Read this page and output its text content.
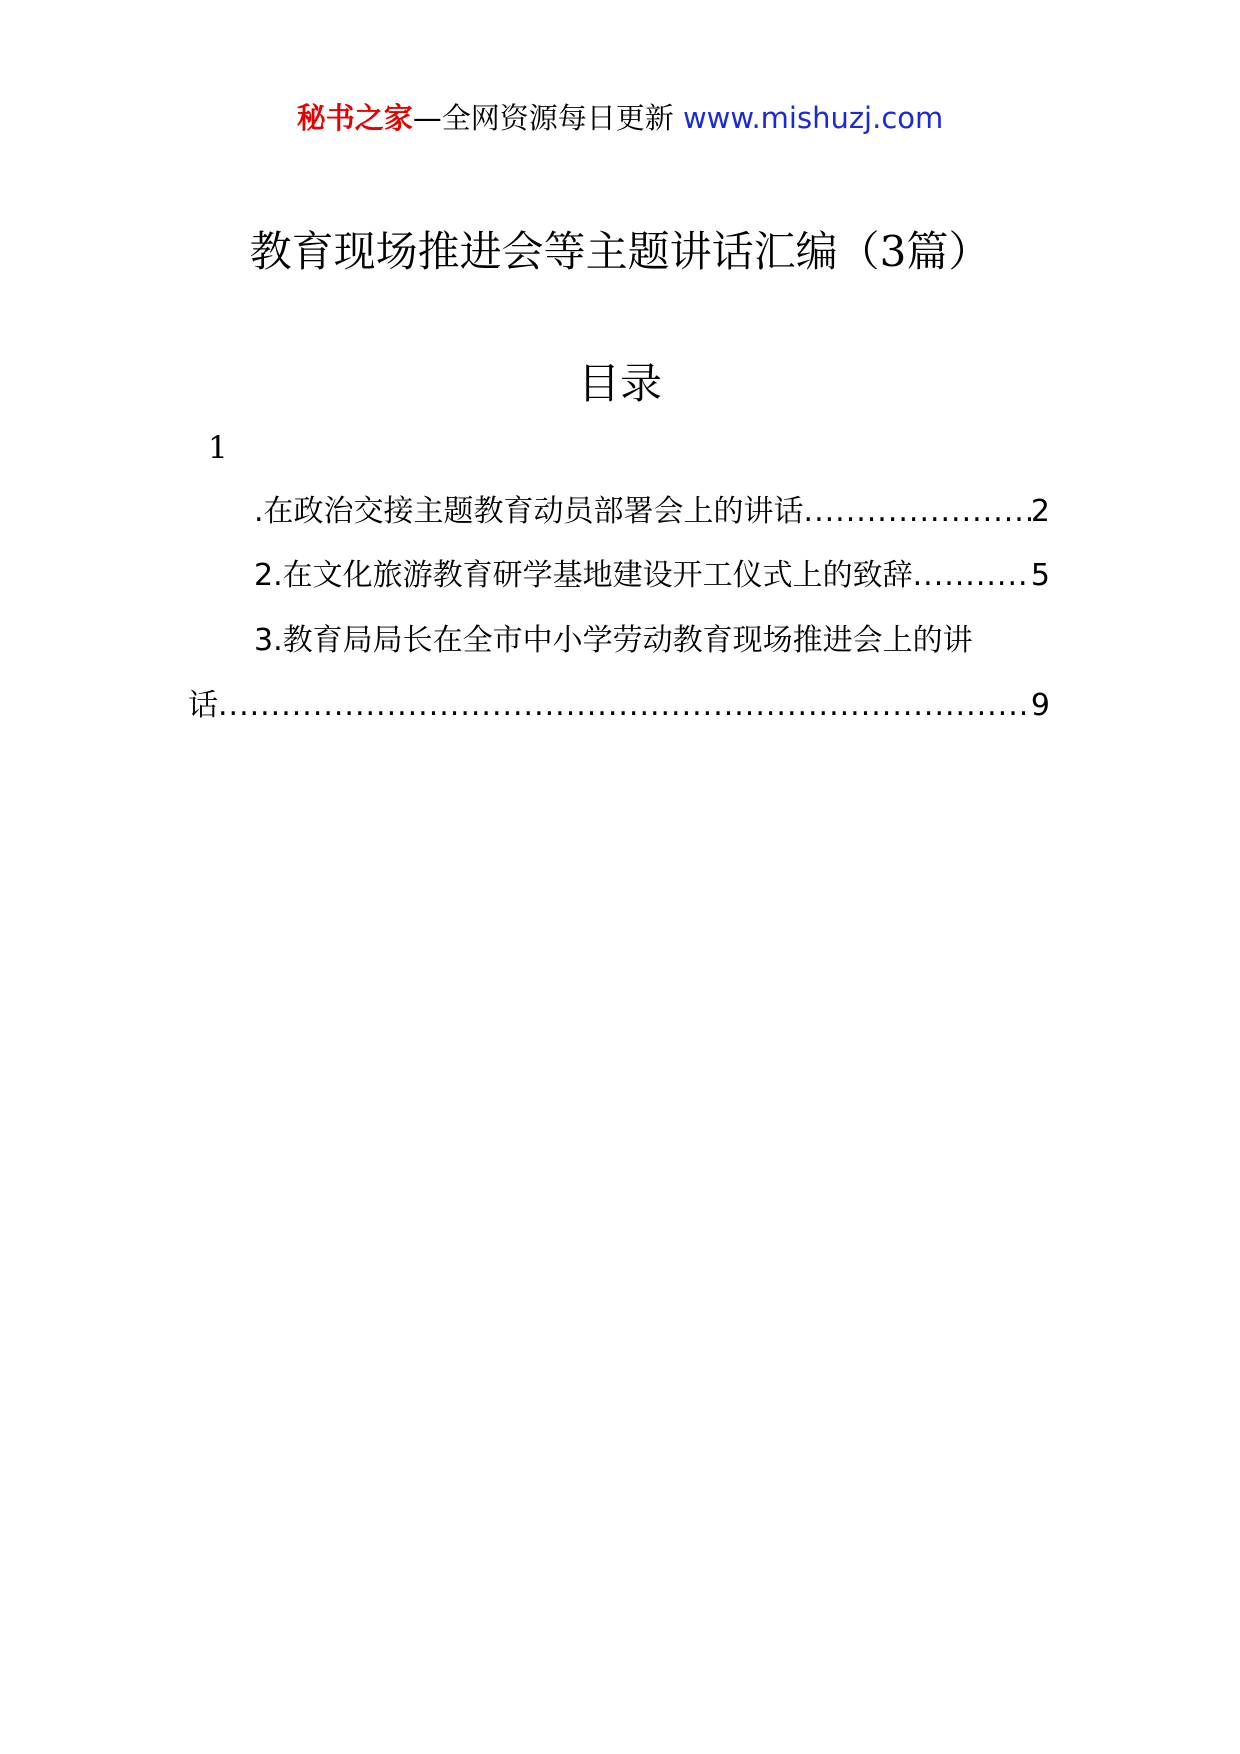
秘书之家—全网资源每日更新 www.mishuzj.com
教育现场推进会等主题讲话汇编（3篇）
目录
1
.在政治交接主题教育动员部署会上的讲话 .....	2
2.在文化旅游教育研学基地建设开工仪式上的致辞 .....	5
3.教育局局长在全市中小学劳动教育现场推进会上的讲
话 .....	9
